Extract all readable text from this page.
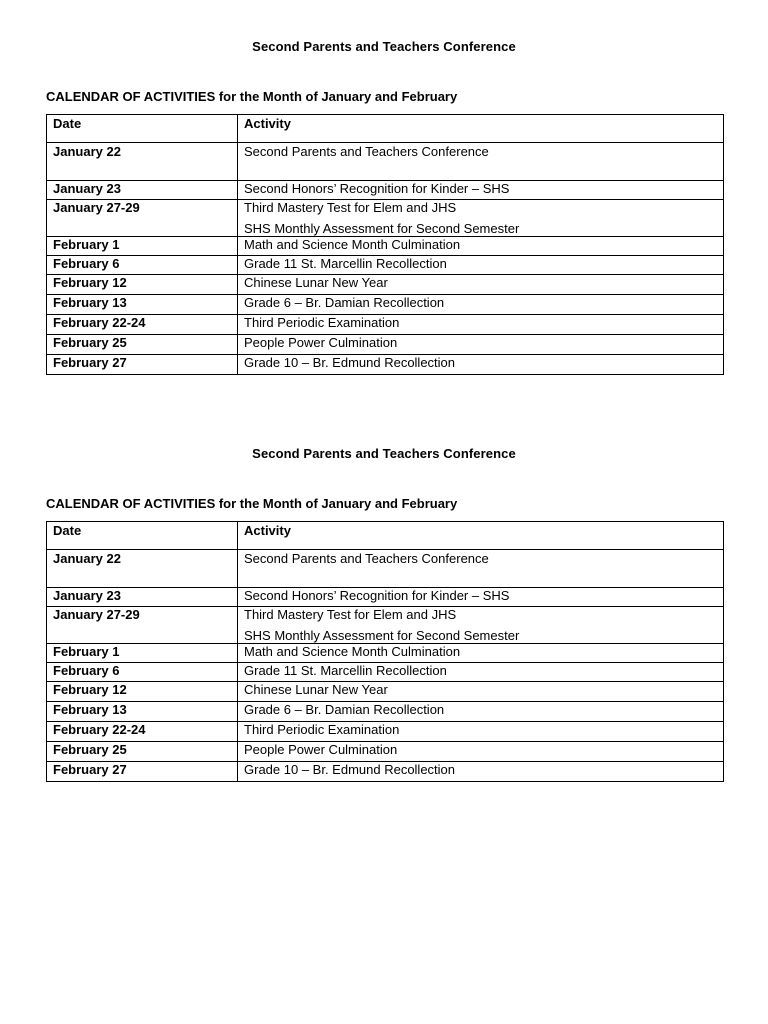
Second Parents and Teachers Conference
CALENDAR OF ACTIVITIES for the Month of January and February
Date	Activity
January 22	Second Parents and Teachers Conference
January 23	Second Honors’ Recognition for Kinder – SHS
January 27-29	Third Mastery Test for Elem and JHS
SHS Monthly Assessment for Second Semester

February 1	Math and Science Month Culmination
February 6	Grade 11 St. Marcellin Recollection
February 12	Chinese Lunar New Year
February 13	Grade 6 – Br. Damian Recollection
February 22-24	Third Periodic Examination
February 25	People Power Culmination
February 27	Grade 10 – Br. Edmund Recollection
Second Parents and Teachers Conference
CALENDAR OF ACTIVITIES for the Month of January and February
Date	Activity
January 22	Second Parents and Teachers Conference
January 23	Second Honors’ Recognition for Kinder – SHS
January 27-29	Third Mastery Test for Elem and JHS
SHS Monthly Assessment for Second Semester

February 1	Math and Science Month Culmination
February 6	Grade 11 St. Marcellin Recollection
February 12	Chinese Lunar New Year
February 13	Grade 6 – Br. Damian Recollection
February 22-24	Third Periodic Examination
February 25	People Power Culmination
February 27	Grade 10 – Br. Edmund Recollection
